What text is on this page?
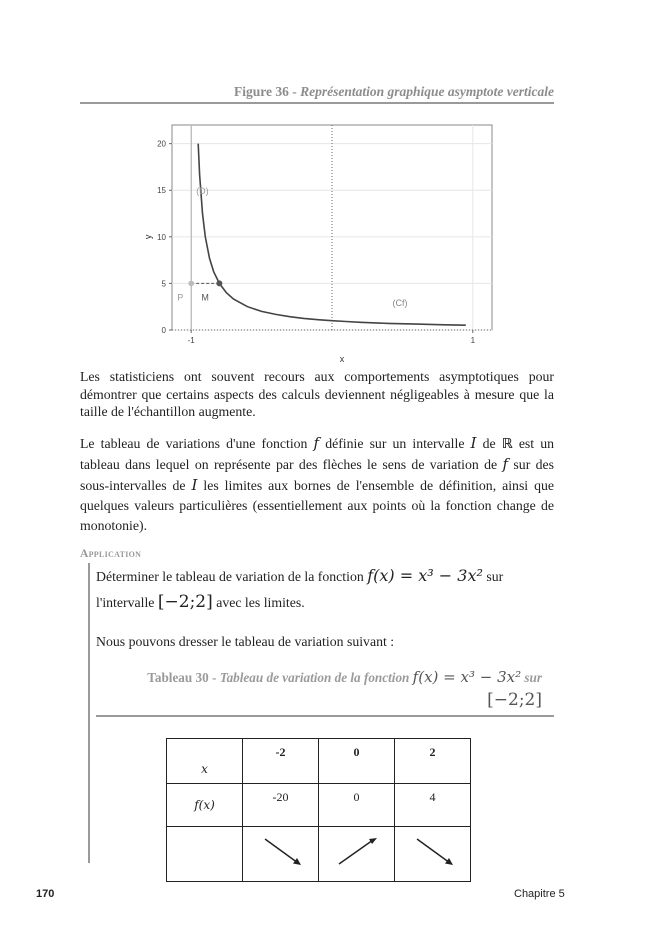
Figure 36 - Représentation graphique asymptote verticale
0
5
10
15
20
-1	1
x
y
(D)
P M
(Cf)
Les statisticiens ont souvent recours aux comportements asymptotiques pour démontrer que certains aspects des calculs deviennent négligeables à mesure que la taille de l'échantillon augmente.
Le tableau de variations d'une fonction f définie sur un intervalle I de ℝ est un tableau dans lequel on représente par des flèches le sens de variation de f sur des sous-intervalles de I les limites aux bornes de l'ensemble de définition, ainsi que quelques valeurs particulières (essentiellement aux points où la fonction change de monotonie).
Application
Déterminer le tableau de variation de la fonction f(x) = x³ − 3x² sur
l'intervalle [−2;2] avec les limites.
Nous pouvons dresser le tableau de variation suivant :
Tableau 30 - Tableau de variation de la fonction f(x) = x³ − 3x² sur
[−2;2]
x	-2	0	2
f(x)	-20	0	4

170	Chapitre 5
